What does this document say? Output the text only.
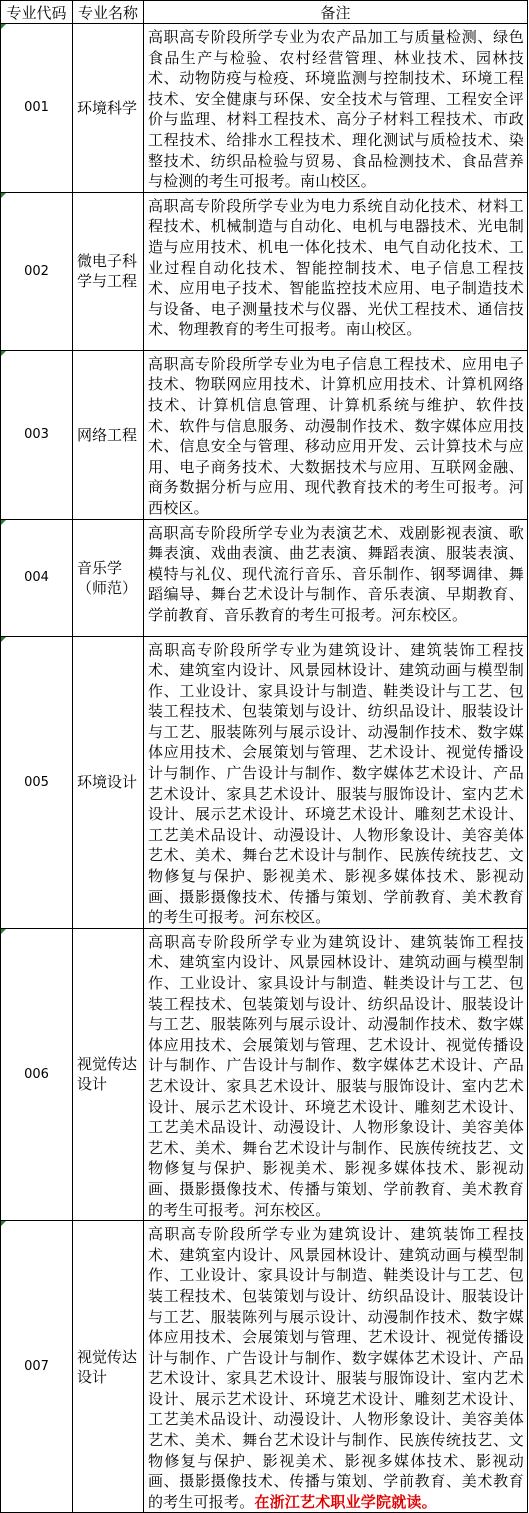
专业代码	专业名称	备注

001	环境科学	高职高专阶段所学专业为农产品加工与质量检测、绿色食品生产与检验、农村经营管理、林业技术、园林技术、动物防疫与检疫、环境监测与控制技术、环境工程技术、安全健康与环保、安全技术与管理、工程安全评价与监理、材料工程技术、高分子材料工程技术、市政工程技术、给排水工程技术、理化测试与质检技术、染整技术、纺织品检验与贸易、食品检测技术、食品营养与检测的考生可报考。南山校区。

002	微电子科学与工程	高职高专阶段所学专业为电力系统自动化技术、材料工程技术、机械制造与自动化、电机与电器技术、光电制造与应用技术、机电一体化技术、电气自动化技术、工业过程自动化技术、智能控制技术、电子信息工程技术、应用电子技术、智能监控技术应用、电子制造技术与设备、电子测量技术与仪器、光伏工程技术、通信技术、物理教育的考生可报考。南山校区。

003	网络工程	高职高专阶段所学专业为电子信息工程技术、应用电子技术、物联网应用技术、计算机应用技术、计算机网络技术、计算机信息管理、计算机系统与维护、软件技术、软件与信息服务、动漫制作技术、数字媒体应用技术、信息安全与管理、移动应用开发、云计算技术与应用、电子商务技术、大数据技术与应用、互联网金融、商务数据分析与应用、现代教育技术的考生可报考。河西校区。

004	音乐学（师范）	高职高专阶段所学专业为表演艺术、戏剧影视表演、歌舞表演、戏曲表演、曲艺表演、舞蹈表演、服装表演、模特与礼仪、现代流行音乐、音乐制作、钢琴调律、舞蹈编导、舞台艺术设计与制作、音乐表演、早期教育、学前教育、音乐教育的考生可报考。河东校区。

005	环境设计	高职高专阶段所学专业为建筑设计、建筑装饰工程技术、建筑室内设计、风景园林设计、建筑动画与模型制作、工业设计、家具设计与制造、鞋类设计与工艺、包装工程技术、包装策划与设计、纺织品设计、服装设计与工艺、服装陈列与展示设计、动漫制作技术、数字媒体应用技术、会展策划与管理、艺术设计、视觉传播设计与制作、广告设计与制作、数字媒体艺术设计、产品艺术设计、家具艺术设计、服装与服饰设计、室内艺术设计、展示艺术设计、环境艺术设计、雕刻艺术设计、工艺美术品设计、动漫设计、人物形象设计、美容美体艺术、美术、舞台艺术设计与制作、民族传统技艺、文物修复与保护、影视美术、影视多媒体技术、影视动画、摄影摄像技术、传播与策划、学前教育、美术教育的考生可报考。河东校区。

006	视觉传达设计	高职高专阶段所学专业为建筑设计、建筑装饰工程技术、建筑室内设计、风景园林设计、建筑动画与模型制作、工业设计、家具设计与制造、鞋类设计与工艺、包装工程技术、包装策划与设计、纺织品设计、服装设计与工艺、服装陈列与展示设计、动漫制作技术、数字媒体应用技术、会展策划与管理、艺术设计、视觉传播设计与制作、广告设计与制作、数字媒体艺术设计、产品艺术设计、家具艺术设计、服装与服饰设计、室内艺术设计、展示艺术设计、环境艺术设计、雕刻艺术设计、工艺美术品设计、动漫设计、人物形象设计、美容美体艺术、美术、舞台艺术设计与制作、民族传统技艺、文物修复与保护、影视美术、影视多媒体技术、影视动画、摄影摄像技术、传播与策划、学前教育、美术教育的考生可报考。河东校区。

007	视觉传达设计	高职高专阶段所学专业为建筑设计、建筑装饰工程技术、建筑室内设计、风景园林设计、建筑动画与模型制作、工业设计、家具设计与制造、鞋类设计与工艺、包装工程技术、包装策划与设计、纺织品设计、服装设计与工艺、服装陈列与展示设计、动漫制作技术、数字媒体应用技术、会展策划与管理、艺术设计、视觉传播设计与制作、广告设计与制作、数字媒体艺术设计、产品艺术设计、家具艺术设计、服装与服饰设计、室内艺术设计、展示艺术设计、环境艺术设计、雕刻艺术设计、工艺美术品设计、动漫设计、人物形象设计、美容美体艺术、美术、舞台艺术设计与制作、民族传统技艺、文物修复与保护、影视美术、影视多媒体技术、影视动画、摄影摄像技术、传播与策划、学前教育、美术教育的考生可报考。在浙江艺术职业学院就读。
